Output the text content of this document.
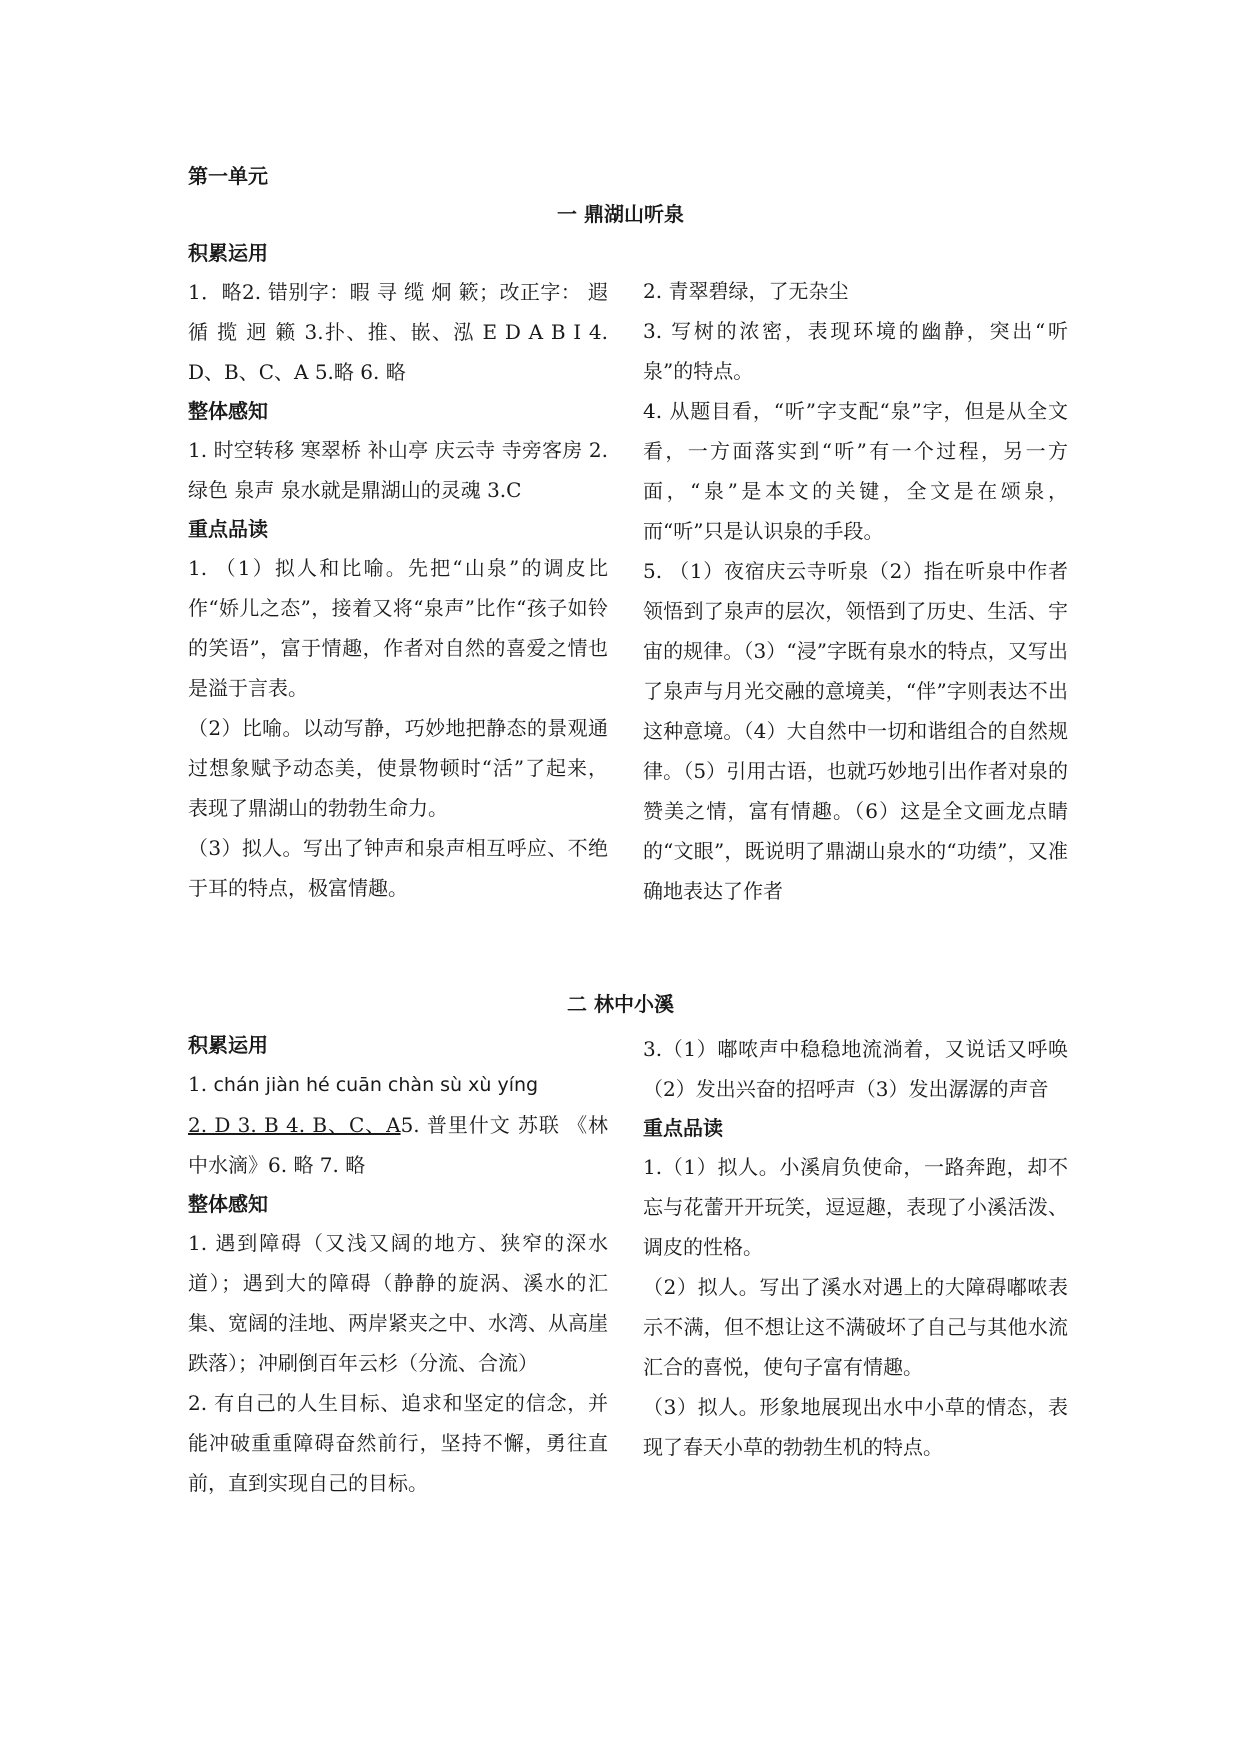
第一单元
一 鼎湖山听泉

积累运用

1．略2. 错别字：暇 寻 缆 炯 簌；改正字： 遐 循 揽 迥 籁 3.扑、推、嵌、泓 E D A B I 4. D、B、C、A 5.略 6. 略

整体感知

1. 时空转移 寒翠桥 补山亭 庆云寺 寺旁客房 2. 绿色 泉声 泉水就是鼎湖山的灵魂 3.C

重点品读

1. （1）拟人和比喻。先把“山泉”的调皮比作“娇儿之态”，接着又将“泉声”比作“孩子如铃的笑语”，富于情趣，作者对自然的喜爱之情也是溢于言表。

（2）比喻。以动写静，巧妙地把静态的景观通过想象赋予动态美，使景物顿时“活”了起来，表现了鼎湖山的勃勃生命力。

（3）拟人。写出了钟声和泉声相互呼应、不绝于耳的特点，极富情趣。

2. 青翠碧绿，了无杂尘

3. 写树的浓密，表现环境的幽静，突出“听泉”的特点。

4. 从题目看，“听”字支配“泉”字，但是从全文看，一方面落实到“听”有一个过程，另一方面，“泉”是本文的关键，全文是在颂泉，而“听”只是认识泉的手段。

5. （1）夜宿庆云寺听泉（2）指在听泉中作者领悟到了泉声的层次，领悟到了历史、生活、宇宙的规律。（3）“浸”字既有泉水的特点，又写出了泉声与月光交融的意境美，“伴”字则表达不出这种意境。（4）大自然中一切和谐组合的自然规律。（5）引用古语，也就巧妙地引出作者对泉的赞美之情，富有情趣。（6）这是全文画龙点睛的“文眼”，既说明了鼎湖山泉水的“功绩”，又准确地表达了作者

二 林中小溪

积累运用

1. chán jiàn hé cuān chàn sù xù yíng

2. D 3. B 4. B、C、A5. 普里什文 苏联 《林中水滴》6. 略 7. 略

整体感知

1. 遇到障碍（又浅又阔的地方、狭窄的深水道）；遇到大的障碍（静静的旋涡、溪水的汇集、宽阔的洼地、两岸紧夹之中、水湾、从高崖跌落）；冲刷倒百年云杉（分流、合流）

2. 有自己的人生目标、追求和坚定的信念，并能冲破重重障碍奋然前行，坚持不懈，勇往直前，直到实现自己的目标。

3.（1）嘟哝声中稳稳地流淌着，又说话又呼唤（2）发出兴奋的招呼声（3）发出潺潺的声音

重点品读

1.（1）拟人。小溪肩负使命，一路奔跑，却不忘与花蕾开开玩笑，逗逗趣，表现了小溪活泼、调皮的性格。

（2）拟人。写出了溪水对遇上的大障碍嘟哝表示不满，但不想让这不满破坏了自己与其他水流汇合的喜悦，使句子富有情趣。

（3）拟人。形象地展现出水中小草的情态，表现了春天小草的勃勃生机的特点。
